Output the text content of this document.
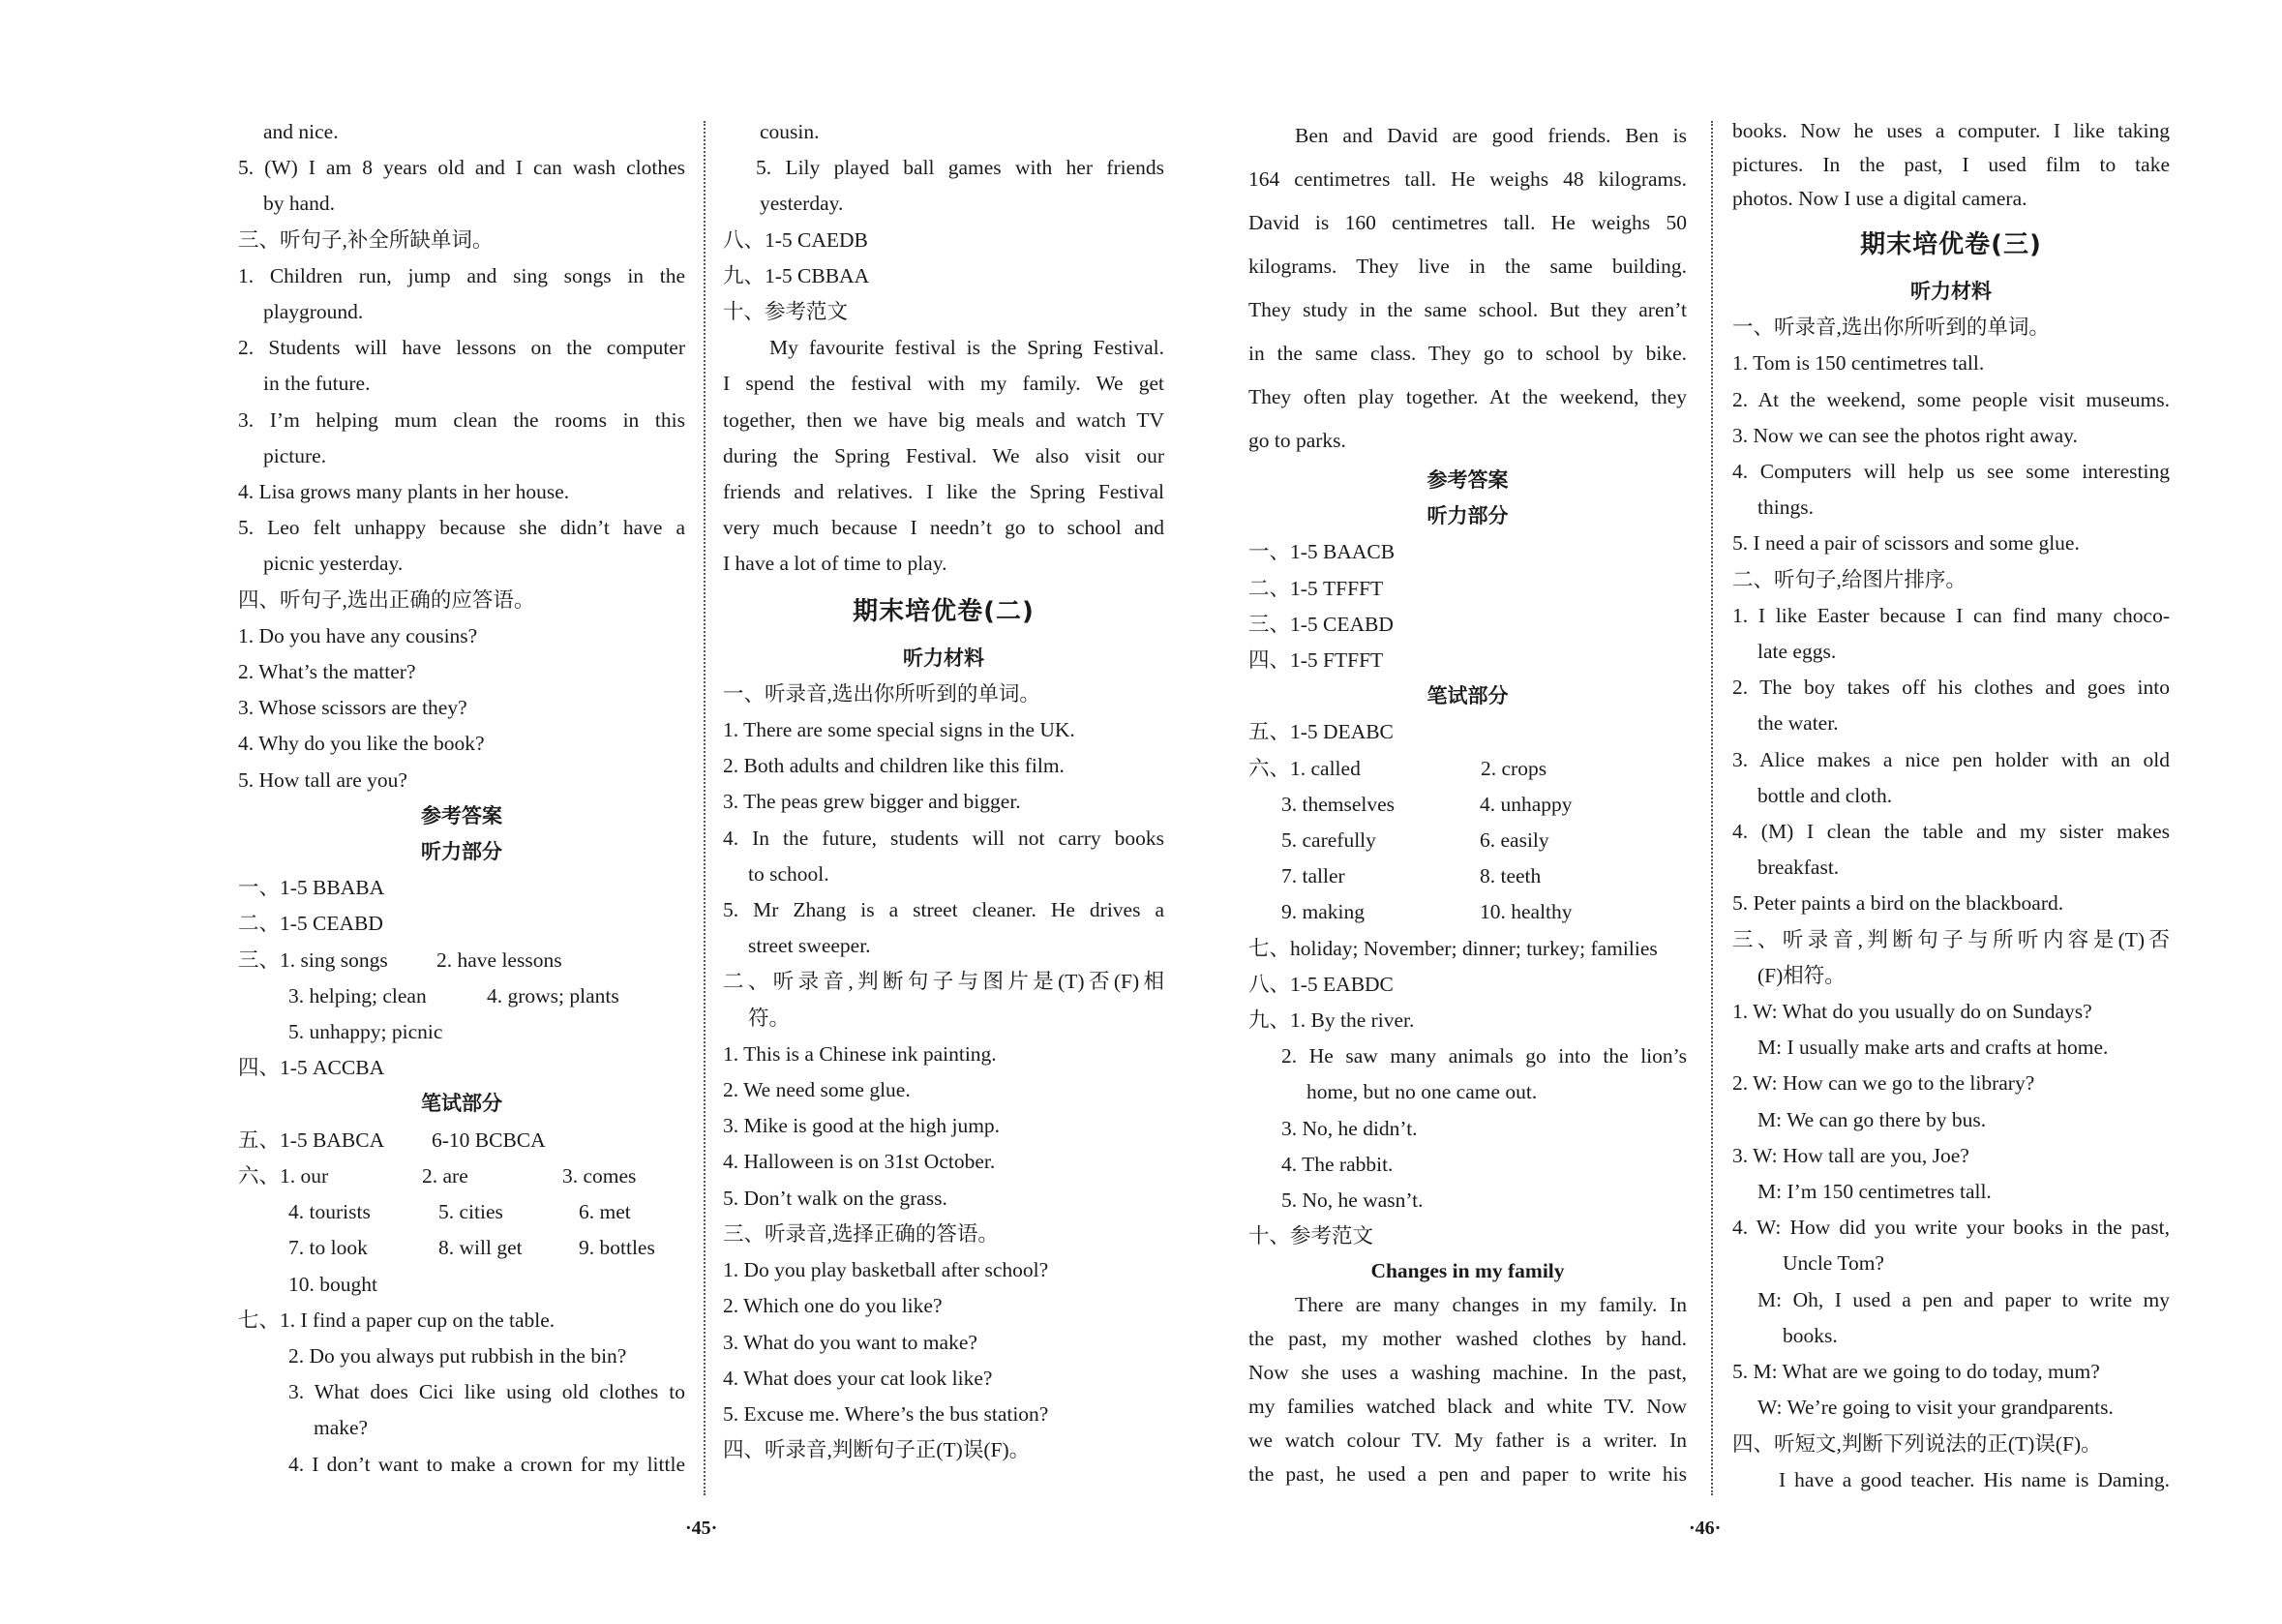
and nice.
5. (W) I am 8 years old and I can wash clothes
by hand.
三、听句子,补全所缺单词。
1. Children run, jump and sing songs in the
playground.
2. Students will have lessons on the computer
in the future.
3. I’m helping mum clean the rooms in this
picture.
4. Lisa grows many plants in her house.
5. Leo felt unhappy because she didn’t have a
picnic yesterday.
四、听句子,选出正确的应答语。
1. Do you have any cousins?
2. What’s the matter?
3. Whose scissors are they?
4. Why do you like the book?
5. How tall are you?
参考答案
听力部分
一、1-5 BBABA
二、1-5 CEABD
三、1. sing songs	2. have lessons
3. helping; clean	4. grows; plants
5. unhappy; picnic
四、1-5 ACCBA
笔试部分
五、1-5 BABCA	6-10 BCBCA
六、1. our	2. are	3. comes
4. tourists	5. cities	6. met
7. to look	8. will get	9. bottles
10. bought
七、1. I find a paper cup on the table.
2. Do you always put rubbish in the bin?
3. What does Cici like using old clothes to
make?
4. I don’t want to make a crown for my little
cousin.
5. Lily played ball games with her friends
yesterday.
八、1-5 CAEDB
九、1-5 CBBAA
十、参考范文
My favourite festival is the Spring Festival.
I spend the festival with my family. We get
together, then we have big meals and watch TV
during the Spring Festival. We also visit our
friends and relatives. I like the Spring Festival
very much because I needn’t go to school and
I have a lot of time to play.
期末培优卷(二)
听力材料
一、听录音,选出你所听到的单词。
1. There are some special signs in the UK.
2. Both adults and children like this film.
3. The peas grew bigger and bigger.
4. In the future, students will not carry books
to school.
5. Mr Zhang is a street cleaner. He drives a
street sweeper.
二、听录音,判断句子与图片是(T)否(F)相
符。
1. This is a Chinese ink painting.
2. We need some glue.
3. Mike is good at the high jump.
4. Halloween is on 31st October.
5. Don’t walk on the grass.
三、听录音,选择正确的答语。
1. Do you play basketball after school?
2. Which one do you like?
3. What do you want to make?
4. What does your cat look like?
5. Excuse me. Where’s the bus station?
四、听录音,判断句子正(T)误(F)。
Ben and David are good friends. Ben is
164 centimetres tall. He weighs 48 kilograms.
David is 160 centimetres tall. He weighs 50
kilograms. They live in the same building.
They study in the same school. But they aren’t
in the same class. They go to school by bike.
They often play together. At the weekend, they
go to parks.
参考答案
听力部分
一、1-5 BAACB
二、1-5 TFFFT
三、1-5 CEABD
四、1-5 FTFFT
笔试部分
五、1-5 DEABC
六、1. called	2. crops
3. themselves	4. unhappy
5. carefully	6. easily
7. taller	8. teeth
9. making	10. healthy
七、holiday; November; dinner; turkey; families
八、1-5 EABDC
九、1. By the river.
2. He saw many animals go into the lion’s
home, but no one came out.
3. No, he didn’t.
4. The rabbit.
5. No, he wasn’t.
十、参考范文
Changes in my family
There are many changes in my family. In
the past, my mother washed clothes by hand.
Now she uses a washing machine. In the past,
my families watched black and white TV. Now
we watch colour TV. My father is a writer. In
the past, he used a pen and paper to write his
books. Now he uses a computer. I like taking
pictures. In the past, I used film to take
photos. Now I use a digital camera.
期末培优卷(三)
听力材料
一、听录音,选出你所听到的单词。
1. Tom is 150 centimetres tall.
2. At the weekend, some people visit museums.
3. Now we can see the photos right away.
4. Computers will help us see some interesting
things.
5. I need a pair of scissors and some glue.
二、听句子,给图片排序。
1. I like Easter because I can find many choco-
late eggs.
2. The boy takes off his clothes and goes into
the water.
3. Alice makes a nice pen holder with an old
bottle and cloth.
4. (M) I clean the table and my sister makes
breakfast.
5. Peter paints a bird on the blackboard.
三、听录音,判断句子与所听内容是(T)否
(F)相符。
1. W: What do you usually do on Sundays?
M: I usually make arts and crafts at home.
2. W: How can we go to the library?
M: We can go there by bus.
3. W: How tall are you, Joe?
M: I’m 150 centimetres tall.
4. W: How did you write your books in the past,
Uncle Tom?
M: Oh, I used a pen and paper to write my
books.
5. M: What are we going to do today, mum?
W: We’re going to visit your grandparents.
四、听短文,判断下列说法的正(T)误(F)。
I have a good teacher. His name is Daming.
·45·	·46·
